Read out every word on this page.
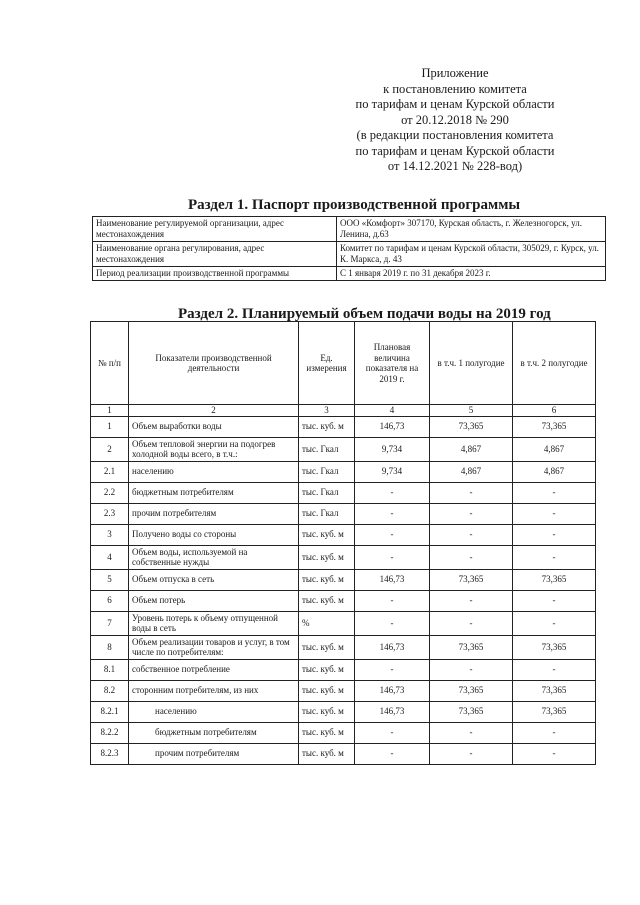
Приложение
к постановлению комитета
по тарифам и ценам Курской области
от 20.12.2018 № 290
(в редакции постановления комитета
по тарифам и ценам Курской области
от 14.12.2021 № 228-вод)
Раздел 1. Паспорт производственной программы
Наименование регулируемой организации, адрес местонахождения	ООО «Комфорт» 307170, Курская область, г. Железногорск, ул. Ленина, д.63
Наименование органа регулирования, адрес местонахождения	Комитет по тарифам и ценам Курской области, 305029, г. Курск, ул. К. Маркса, д. 43
Период реализации производственной программы	С 1 января 2019 г. по 31 декабря 2023 г.
Раздел 2. Планируемый объем подачи воды на 2019 год
№ п/п	Показатели производственной деятельности	Ед. измерения	Плановая величина показателя на 2019 г.	в т.ч. 1 полугодие	в т.ч. 2 полугодие
1	2	3	4	5	6
1	Объем выработки воды	тыс. куб. м	146,73	73,365	73,365
2	Объем тепловой энергии на подогрев холодной воды всего, в т.ч.:	тыс. Гкал	9,734	4,867	4,867
2.1	населению	тыс. Гкал	9,734	4,867	4,867
2.2	бюджетным потребителям	тыс. Гкал	-	-	-
2.3	прочим потребителям	тыс. Гкал	-	-	-
3	Получено воды со стороны	тыс. куб. м	-	-	-
4	Объем воды, используемой на собственные нужды	тыс. куб. м	-	-	-
5	Объем отпуска в сеть	тыс. куб. м	146,73	73,365	73,365
6	Объем потерь	тыс. куб. м	-	-	-
7	Уровень потерь к объему отпущенной воды в сеть	%	-	-	-
8	Объем реализации товаров и услуг, в том числе по потребителям:	тыс. куб. м	146,73	73,365	73,365
8.1	собственное потребление	тыс. куб. м	-	-	-
8.2	сторонним потребителям, из них	тыс. куб. м	146,73	73,365	73,365
8.2.1	населению	тыс. куб. м	146,73	73,365	73,365
8.2.2	бюджетным потребителям	тыс. куб. м	-	-	-
8.2.3	прочим потребителям	тыс. куб. м	-	-	-
